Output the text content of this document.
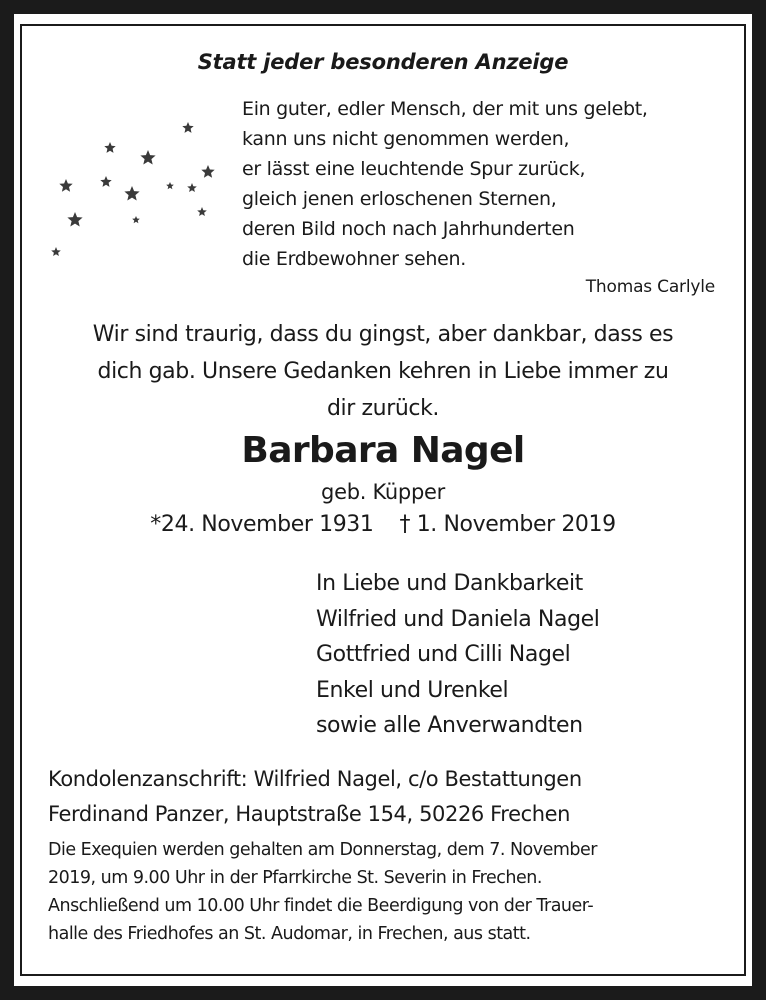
Statt jeder besonderen Anzeige
Ein guter, edler Mensch, der mit uns gelebt,
kann uns nicht genommen werden,
er lässt eine leuchtende Spur zurück,
gleich jenen erloschenen Sternen,
deren Bild noch nach Jahrhunderten
die Erdbewohner sehen.
Thomas Carlyle
Wir sind traurig, dass du gingst, aber dankbar, dass es
dich gab. Unsere Gedanken kehren in Liebe immer zu
dir zurück.
Barbara Nagel
geb. Küpper
*24. November 1931 † 1. November 2019
In Liebe und Dankbarkeit
Wilfried und Daniela Nagel
Gottfried und Cilli Nagel
Enkel und Urenkel
sowie alle Anverwandten
Kondolenzanschrift: Wilfried Nagel, c/o Bestattungen
Ferdinand Panzer, Hauptstraße 154, 50226 Frechen
Die Exequien werden gehalten am Donnerstag, dem 7. November
2019, um 9.00 Uhr in der Pfarrkirche St. Severin in Frechen.
Anschließend um 10.00 Uhr findet die Beerdigung von der Trauer-
halle des Friedhofes an St. Audomar, in Frechen, aus statt.
